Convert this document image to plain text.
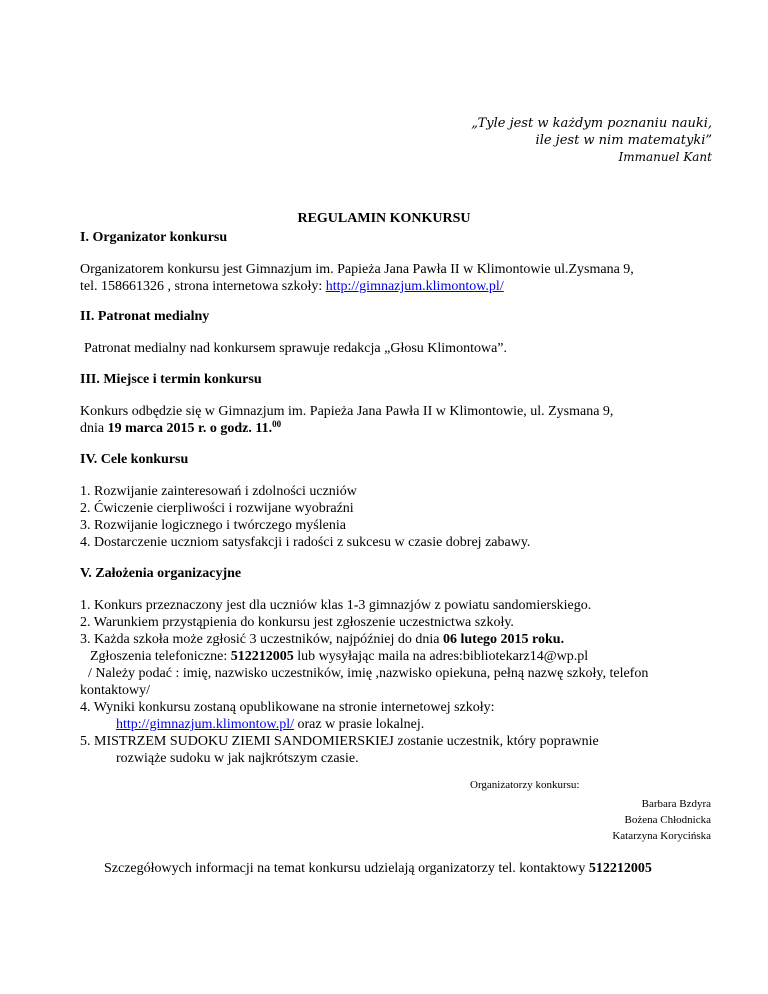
„Tyle jest w każdym poznaniu nauki,
ile jest w nim matematyki”
Immanuel Kant
REGULAMIN KONKURSU
I. Organizator konkursu
Organizatorem konkursu jest Gimnazjum im. Papieża Jana Pawła II w Klimontowie ul.Zysmana 9,
tel. 158661326 , strona internetowa szkoły: http://gimnazjum.klimontow.pl/
II. Patronat medialny
Patronat medialny nad konkursem sprawuje redakcja „Głosu Klimontowa”.
III. Miejsce i termin konkursu
Konkurs odbędzie się w Gimnazjum im. Papieża Jana Pawła II w Klimontowie, ul. Zysmana 9,
dnia 19 marca 2015 r. o godz. 11.00
IV. Cele konkursu
1. Rozwijanie zainteresowań i zdolności uczniów
2. Ćwiczenie cierpliwości i rozwijane wyobraźni
3. Rozwijanie logicznego i twórczego myślenia
4. Dostarczenie uczniom satysfakcji i radości z sukcesu w czasie dobrej zabawy.
V. Założenia organizacyjne
1. Konkurs przeznaczony jest dla uczniów klas 1-3 gimnazjów z powiatu sandomierskiego.
2. Warunkiem przystąpienia do konkursu jest zgłoszenie uczestnictwa szkoły.
3. Każda szkoła może zgłosić 3 uczestników, najpóźniej do dnia 06 lutego 2015 roku.
Zgłoszenia telefoniczne: 512212005 lub wysyłając maila na adres:bibliotekarz14@wp.pl
/ Należy podać : imię, nazwisko uczestników, imię ,nazwisko opiekuna, pełną nazwę szkoły, telefon
kontaktowy/
4. Wyniki konkursu zostaną opublikowane na stronie internetowej szkoły:
http://gimnazjum.klimontow.pl/ oraz w prasie lokalnej.
5. MISTRZEM SUDOKU ZIEMI SANDOMIERSKIEJ zostanie uczestnik, który poprawnie
rozwiąże sudoku w jak najkrótszym czasie.
Organizatorzy konkursu:
Barbara Bzdyra
Bożena Chłodnicka
Katarzyna Korycińska
Szczegółowych informacji na temat konkursu udzielają organizatorzy tel. kontaktowy 512212005
